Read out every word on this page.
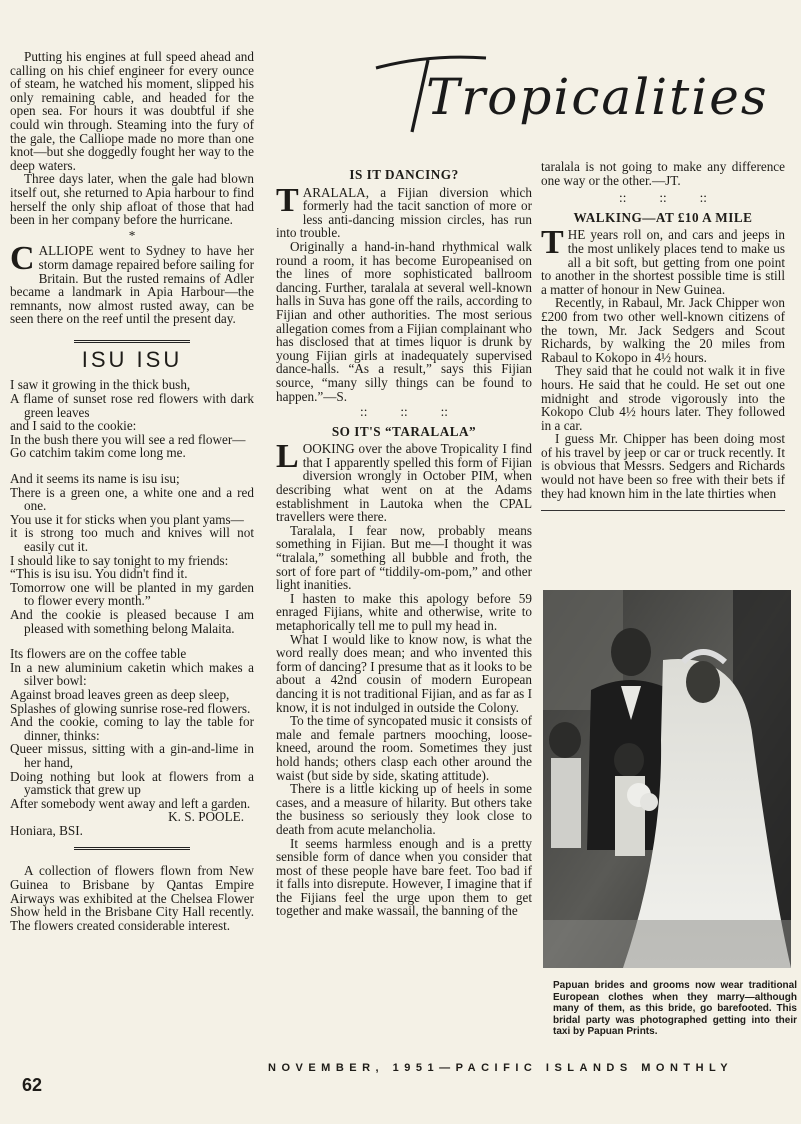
Tropicalities

Putting his engines at full speed ahead and calling on his chief engineer for every ounce of steam, he watched his moment, slipped his only remaining cable, and headed for the open sea. For hours it was doubtful if she could win through. Steaming into the fury of the gale, the Calliope made no more than one knot—but she doggedly fought her way to the deep waters.

Three days later, when the gale had blown itself out, she returned to Apia harbour to find herself the only ship afloat of those that had been in her company before the hurricane.

*

CALLIOPE went to Sydney to have her storm damage repaired before sailing for Britain. But the rusted remains of Adler became a landmark in Apia Harbour—the remnants, now almost rusted away, can be seen there on the reef until the present day.

ISU ISU

I saw it growing in the thick bush,

A flame of sunset rose red flowers with dark green leaves

and I said to the cookie:

In the bush there you will see a red flower—

Go catchim takim come long me.

And it seems its name is isu isu;

There is a green one, a white one and a red one.

You use it for sticks when you plant yams—

it is strong too much and knives will not easily cut it.

I should like to say tonight to my friends:

“This is isu isu. You didn't find it.

Tomorrow one will be planted in my garden to flower every month.”

And the cookie is pleased because I am pleased with something belong Malaita.

Its flowers are on the coffee table

In a new aluminium caketin which makes a silver bowl:

Against broad leaves green as deep sleep,

Splashes of glowing sunrise rose-red flowers.

And the cookie, coming to lay the table for dinner, thinks:

Queer missus, sitting with a gin-and-lime in her hand,

Doing nothing but look at flowers from a yamstick that grew up

After somebody went away and left a garden.

K. S. POOLE.
Honiara, BSI.

A collection of flowers flown from New Guinea to Brisbane by Qantas Empire Airways was exhibited at the Chelsea Flower Show held in the Brisbane City Hall recently. The flowers created considerable interest.

IS IT DANCING?

TARALALA, a Fijian diversion which formerly had the tacit sanction of more or less anti-dancing mission circles, has run into trouble.

Originally a hand-in-hand rhythmical walk round a room, it has become Europeanised on the lines of more sophisticated ballroom dancing. Further, taralala at several well-known halls in Suva has gone off the rails, according to Fijian and other authorities. The most serious allegation comes from a Fijian complainant who has disclosed that at times liquor is drunk by young Fijian girls at inadequately supervised dance-halls. “As a result,” says this Fijian source, “many silly things can be found to happen.”—S.

::          ::          ::
SO IT'S “TARALALA”

LOOKING over the above Tropicality I find that I apparently spelled this form of Fijian diversion wrongly in October PIM, when describing what went on at the Adams establishment in Lautoka when the CPAL travellers were there.

Taralala, I fear now, probably means something in Fijian. But me—I thought it was “tralala,” something all bubble and froth, the sort of fore part of “tiddily-om-pom,” and other light inanities.

I hasten to make this apology before 59 enraged Fijians, white and otherwise, write to metaphorically tell me to pull my head in.

What I would like to know now, is what the word really does mean; and who invented this form of dancing? I presume that as it looks to be about a 42nd cousin of modern European dancing it is not traditional Fijian, and as far as I know, it is not indulged in outside the Colony.

To the time of syncopated music it consists of male and female partners mooching, loose-kneed, around the room. Sometimes they just hold hands; others clasp each other around the waist (but side by side, skating attitude).

There is a little kicking up of heels in some cases, and a measure of hilarity. But others take the business so seriously they look close to death from acute melancholia.

It seems harmless enough and is a pretty sensible form of dance when you consider that most of these people have bare feet. Too bad if it falls into disrepute. However, I imagine that if the Fijians feel the urge upon them to get together and make wassail, the banning of the

taralala is not going to make any difference one way or the other.—JT.

::          ::          ::
WALKING—AT £10 A MILE

THE years roll on, and cars and jeeps in the most unlikely places tend to make us all a bit soft, but getting from one point to another in the shortest possible time is still a matter of honour in New Guinea.

Recently, in Rabaul, Mr. Jack Chipper won £200 from two other well-known citizens of the town, Mr. Jack Sedgers and Scout Richards, by walking the 20 miles from Rabaul to Kokopo in 4½ hours.

They said that he could not walk it in five hours. He said that he could. He set out one midnight and strode vigorously into the Kokopo Club 4½ hours later. They followed in a car.

I guess Mr. Chipper has been doing most of his travel by jeep or car or truck recently. It is obvious that Messrs. Sedgers and Richards would not have been so free with their bets if they had known him in the late thirties when

Papuan brides and grooms now wear traditional European clothes when they marry—although many of them, as this bride, go barefooted. This bridal party was photographed getting into their taxi by Papuan Prints.
NOVEMBER, 1951—PACIFIC ISLANDS MONTHLY
62
